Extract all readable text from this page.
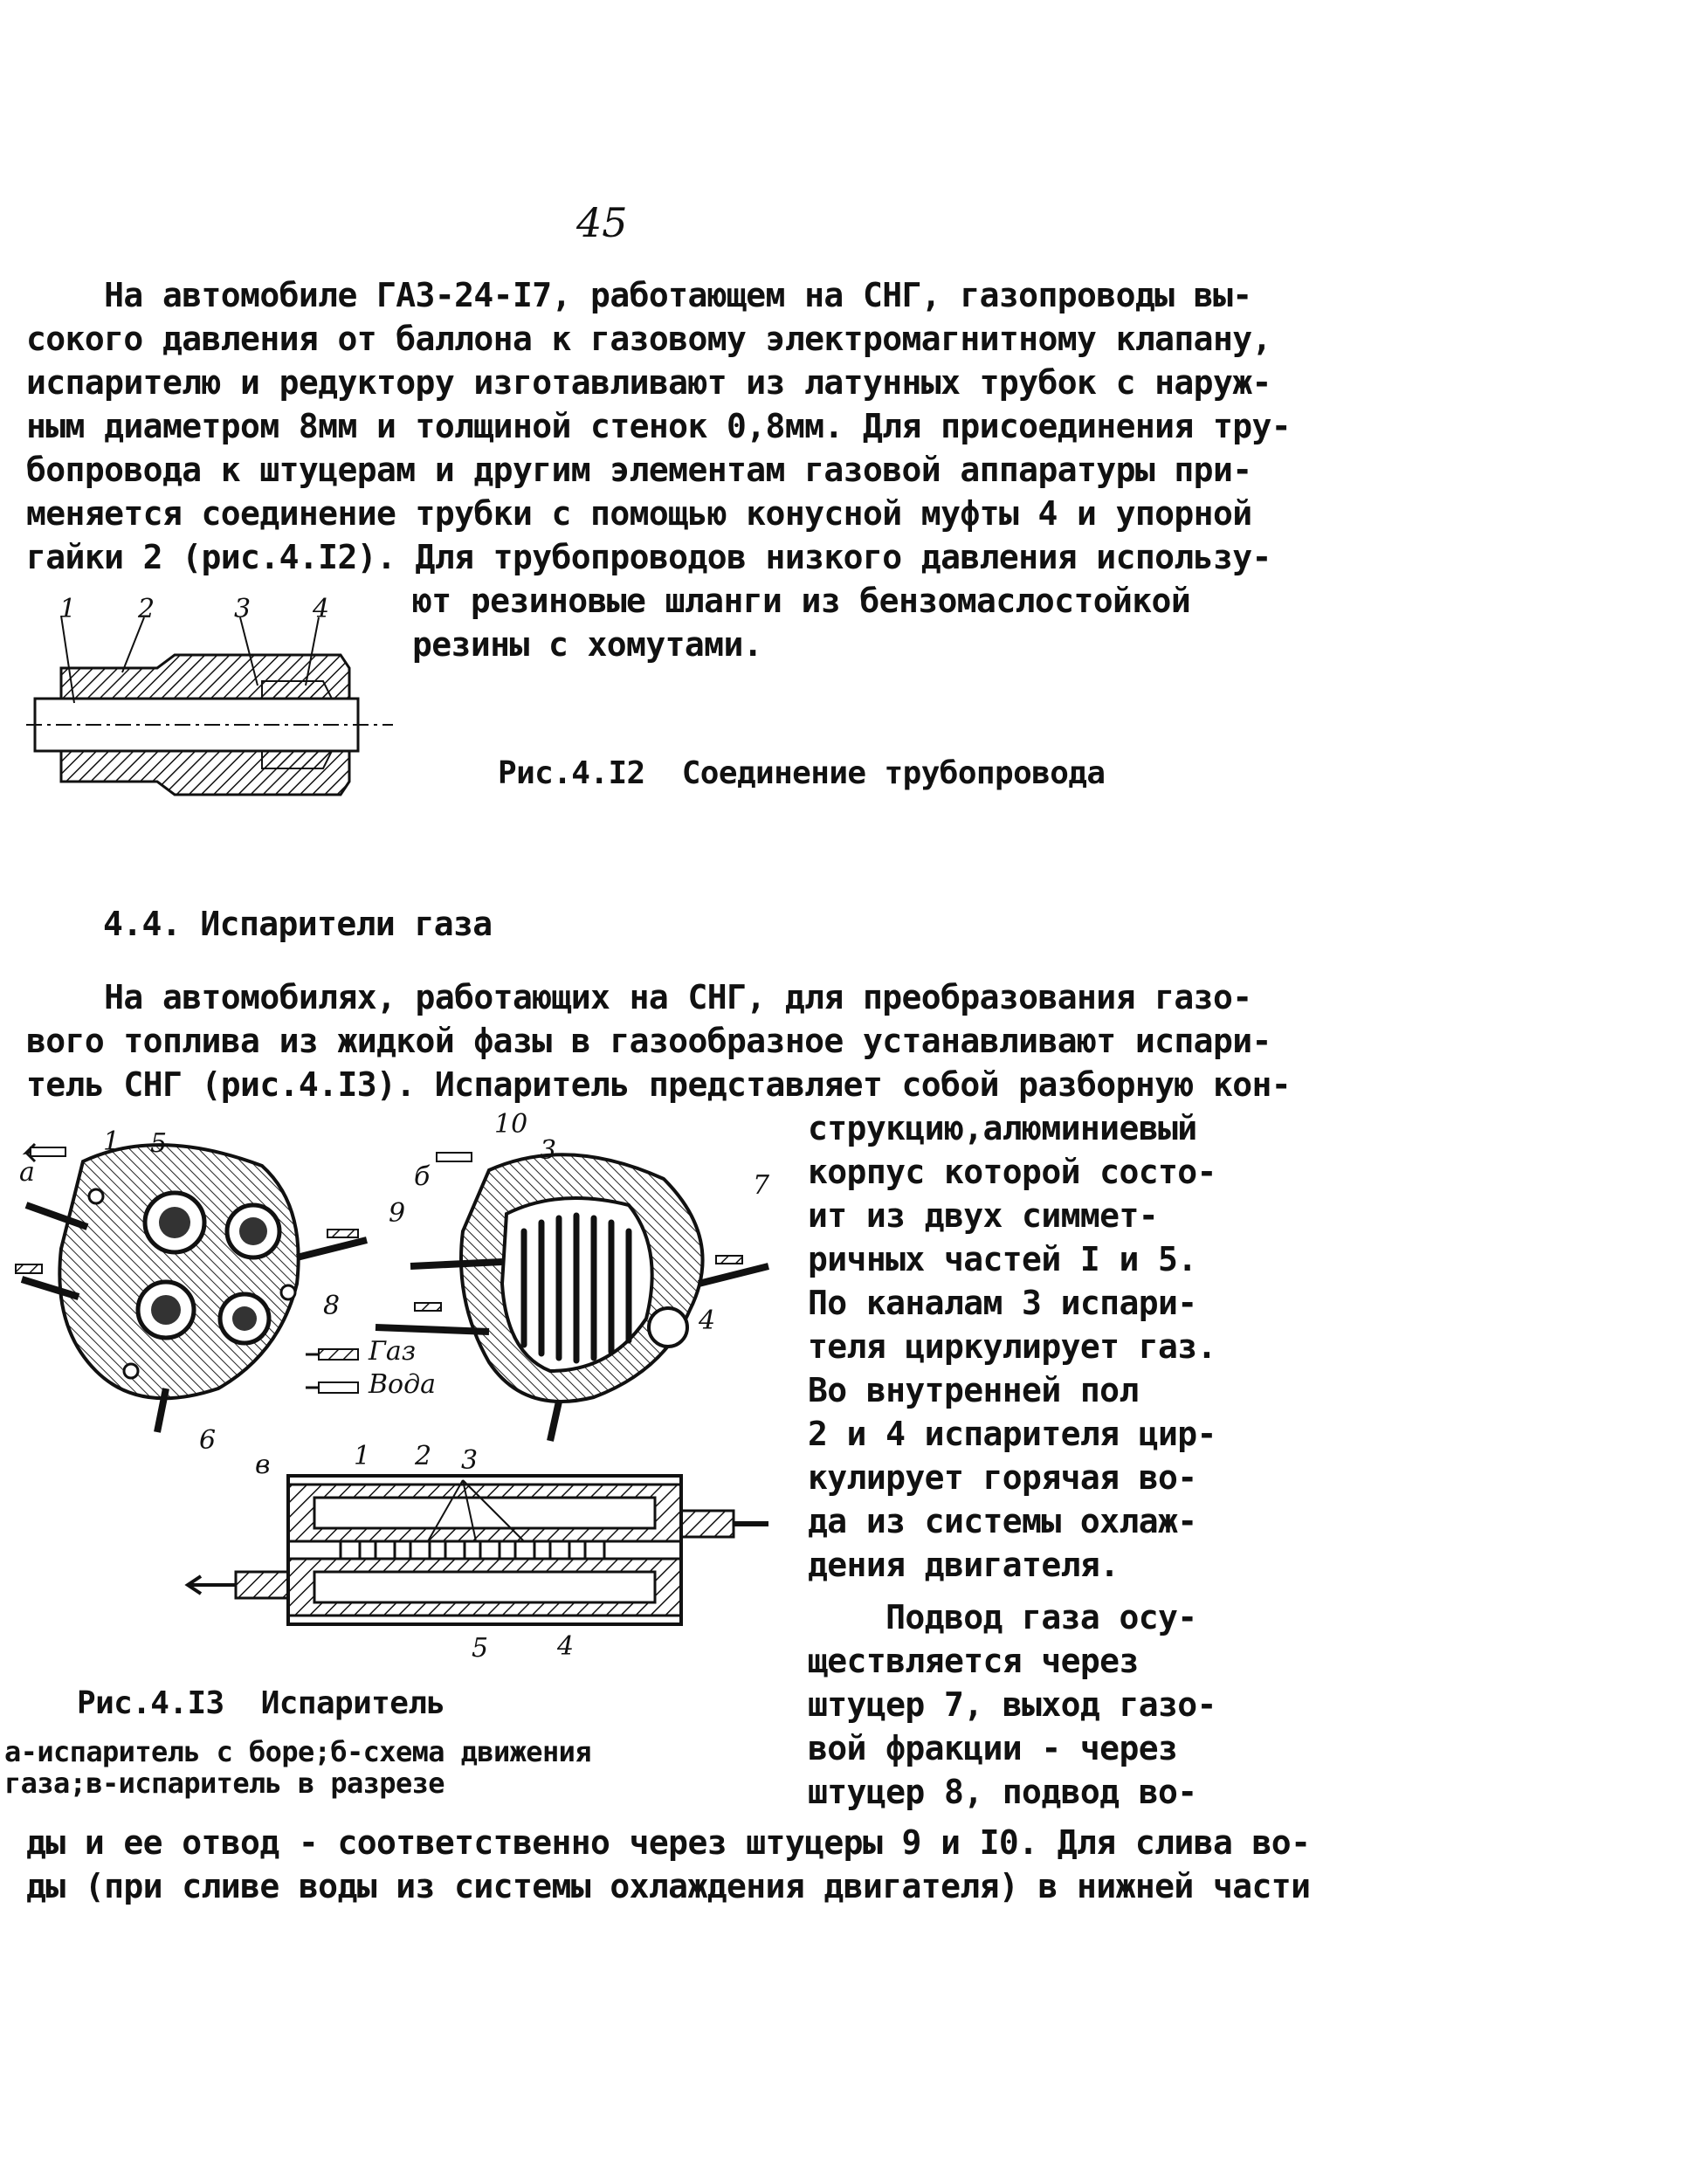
45
На автомобиле ГАЗ-24-I7, работающем на СНГ, газопроводы вы-
сокого давления от баллона к газовому электромагнитному клапану,
испарителю и редуктору изготавливают из латунных трубок с наруж-
ным диаметром 8мм и толщиной стенок 0,8мм. Для присоединения тру-
бопровода к штуцерам и другим элементам газовой аппаратуры при-
меняется соединение трубки с помощью конусной муфты 4 и упорной
гайки 2 (рис.4.I2). Для трубопроводов низкого давления использу-
ют резиновые шланги из бензомаслостойкой
резины с хомутами.
1 2	3 4
Рис.4.I2  Соединение трубопровода
4.4. Испарители газа
На автомобилях, работающих на СНГ, для преобразования газо-
вого топлива из жидкой фазы в газообразное устанавливают испари-
тель СНГ (рис.4.I3). Испаритель представляет собой разборную кон-
струкцию,алюминиевый
корпус которой состо-
ит из двух симмет-
ричных частей I и 5.
По каналам 3 испари-
теля циркулирует газ.
Во внутренней пол
2 и 4 испарителя цир-
кулирует горячая во-
да из системы охлаж-
дения двигателя.
Подвод газа осу-
ществляется через
штуцер 7, выход газо-
вой фракции - через
штуцер 8, подвод во-
а
1 5
6
10
б
3
7
9
8	4
Газ
Вода
в	1 2 3
5	4
Рис.4.I3  Испаритель
а-испаритель с боре;б-схема движения
газа;в-испаритель в разрезе
ды и ее отвод - соответственно через штуцеры 9 и I0. Для слива во-
ды (при сливе воды из системы охлаждения двигателя) в нижней части
